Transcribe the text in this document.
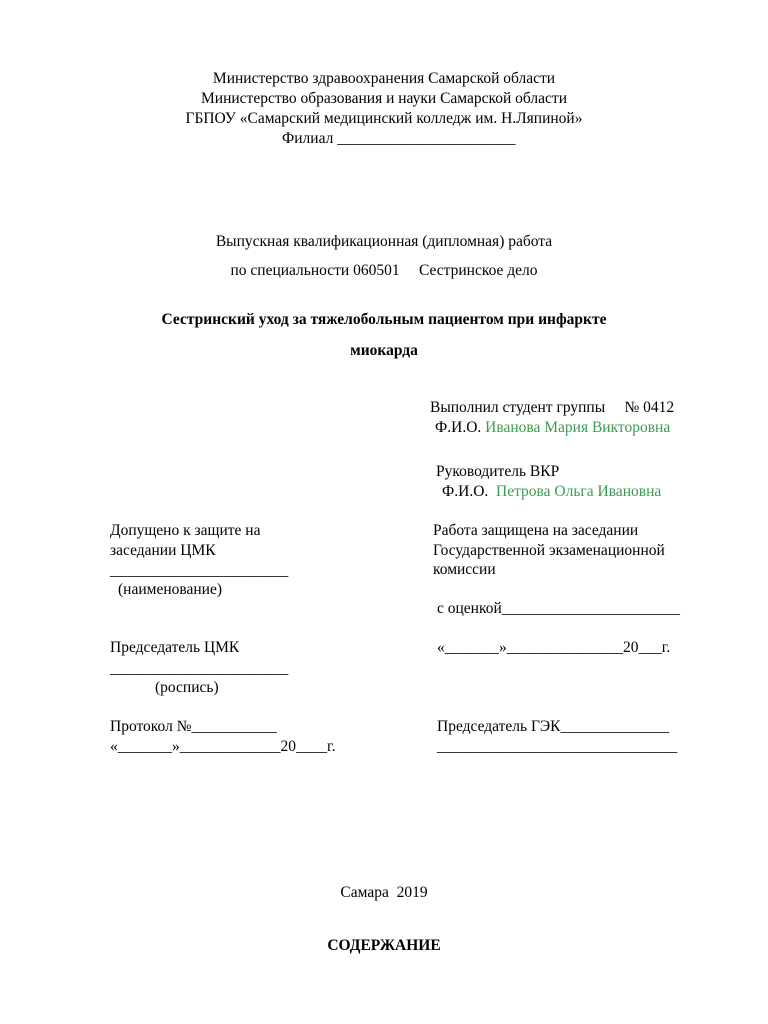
Министерство здравоохранения Самарской области
Министерство образования и науки Самарской области
ГБПОУ «Самарский медицинский колледж им. Н.Ляпиной»
Филиал _______________________
Выпускная квалификационная (дипломная) работа
по специальности 060501     Сестринское дело
Сестринский уход за тяжелобольным пациентом при инфаркте
миокарда
Выполнил студент группы     № 0412
Ф.И.О. Иванова Мария Викторовна
Руководитель ВКР
Ф.И.О.  Петрова Ольга Ивановна
Допущено к защите на
заседании ЦМК
_______________________
(наименование)
Председатель ЦМК
_______________________
(роспись)
Протокол №___________
«_______»_____________20____г.
Работа защищена на заседании
Государственной экзаменационной
комиссии
с оценкой_______________________
«_______»_______________20___г.
Председатель ГЭК______________
_______________________________
Самара  2019
СОДЕРЖАНИЕ
